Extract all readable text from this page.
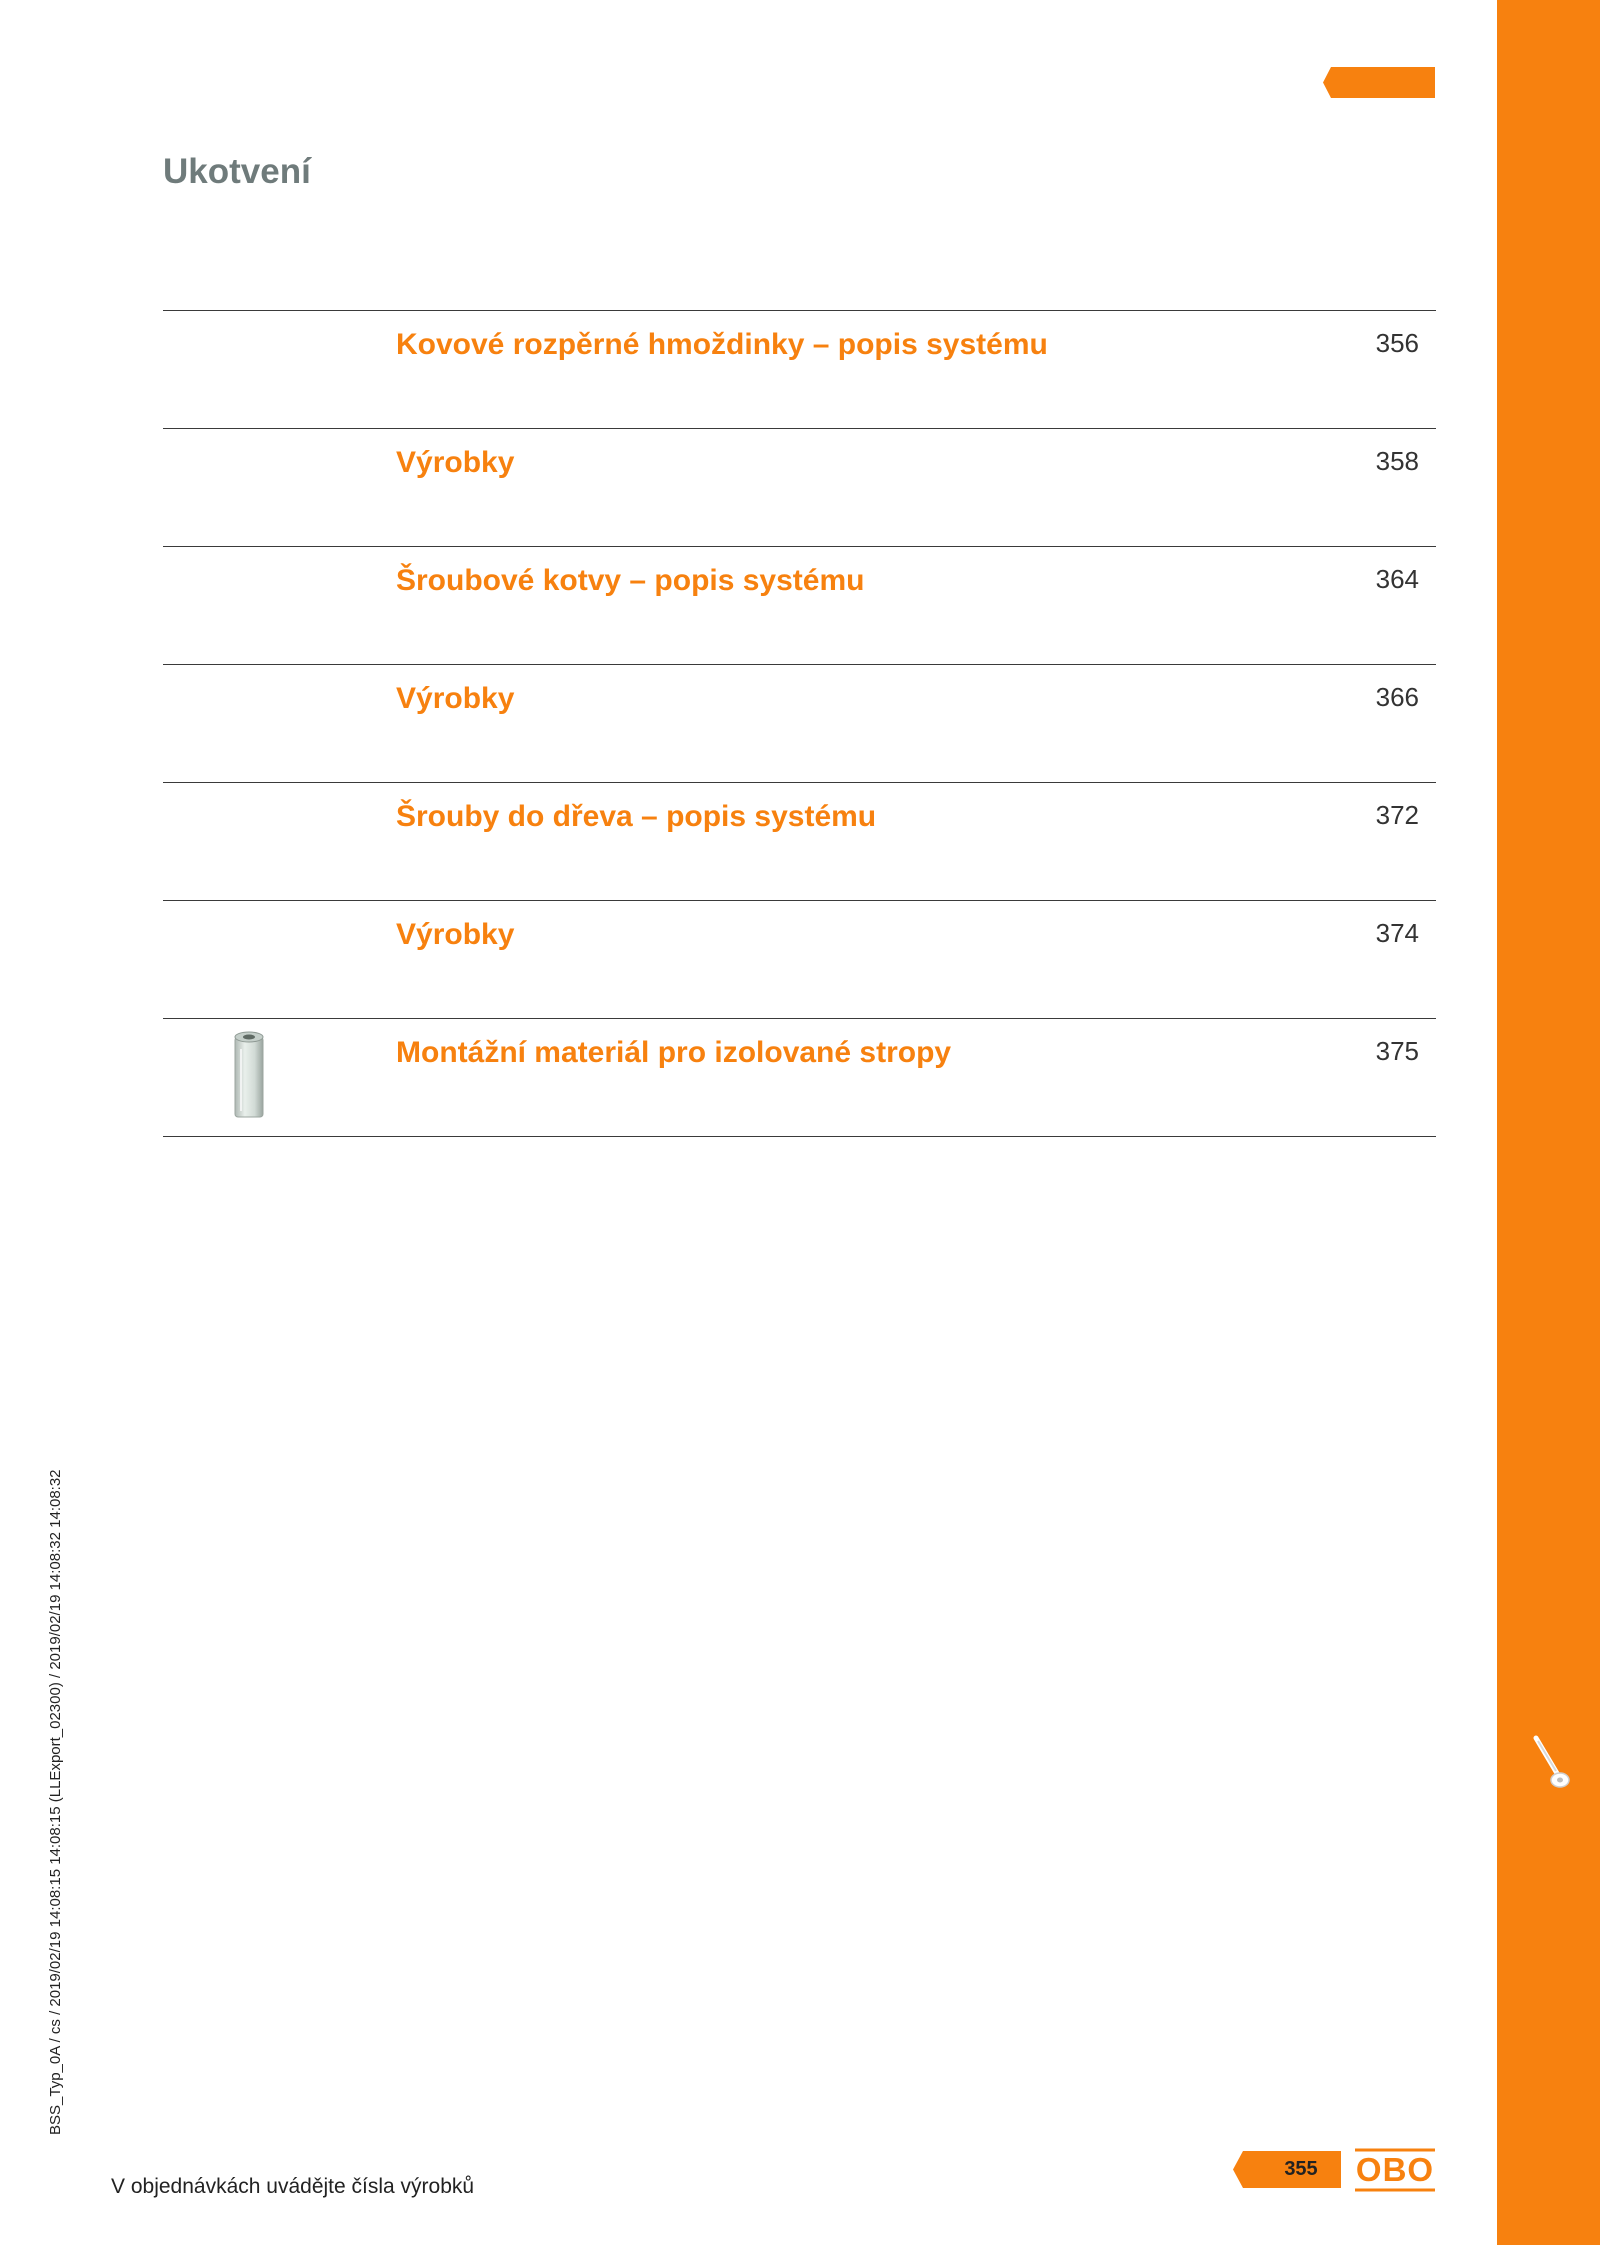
Ukotvení
Kovové rozpěrné hmoždinky – popis systému	356
Výrobky	358
Šroubové kotvy – popis systému	364
Výrobky	366
Šrouby do dřeva – popis systému	372
Výrobky	374
Montážní materiál pro izolované stropy	375
BSS_Typ_0A / cs / 2019/02/19 14:08:15 14:08:15 (LLExport_02300) / 2019/02/19 14:08:32 14:08:32
V objednávkách uvádějte čísla výrobků
355	OBO
